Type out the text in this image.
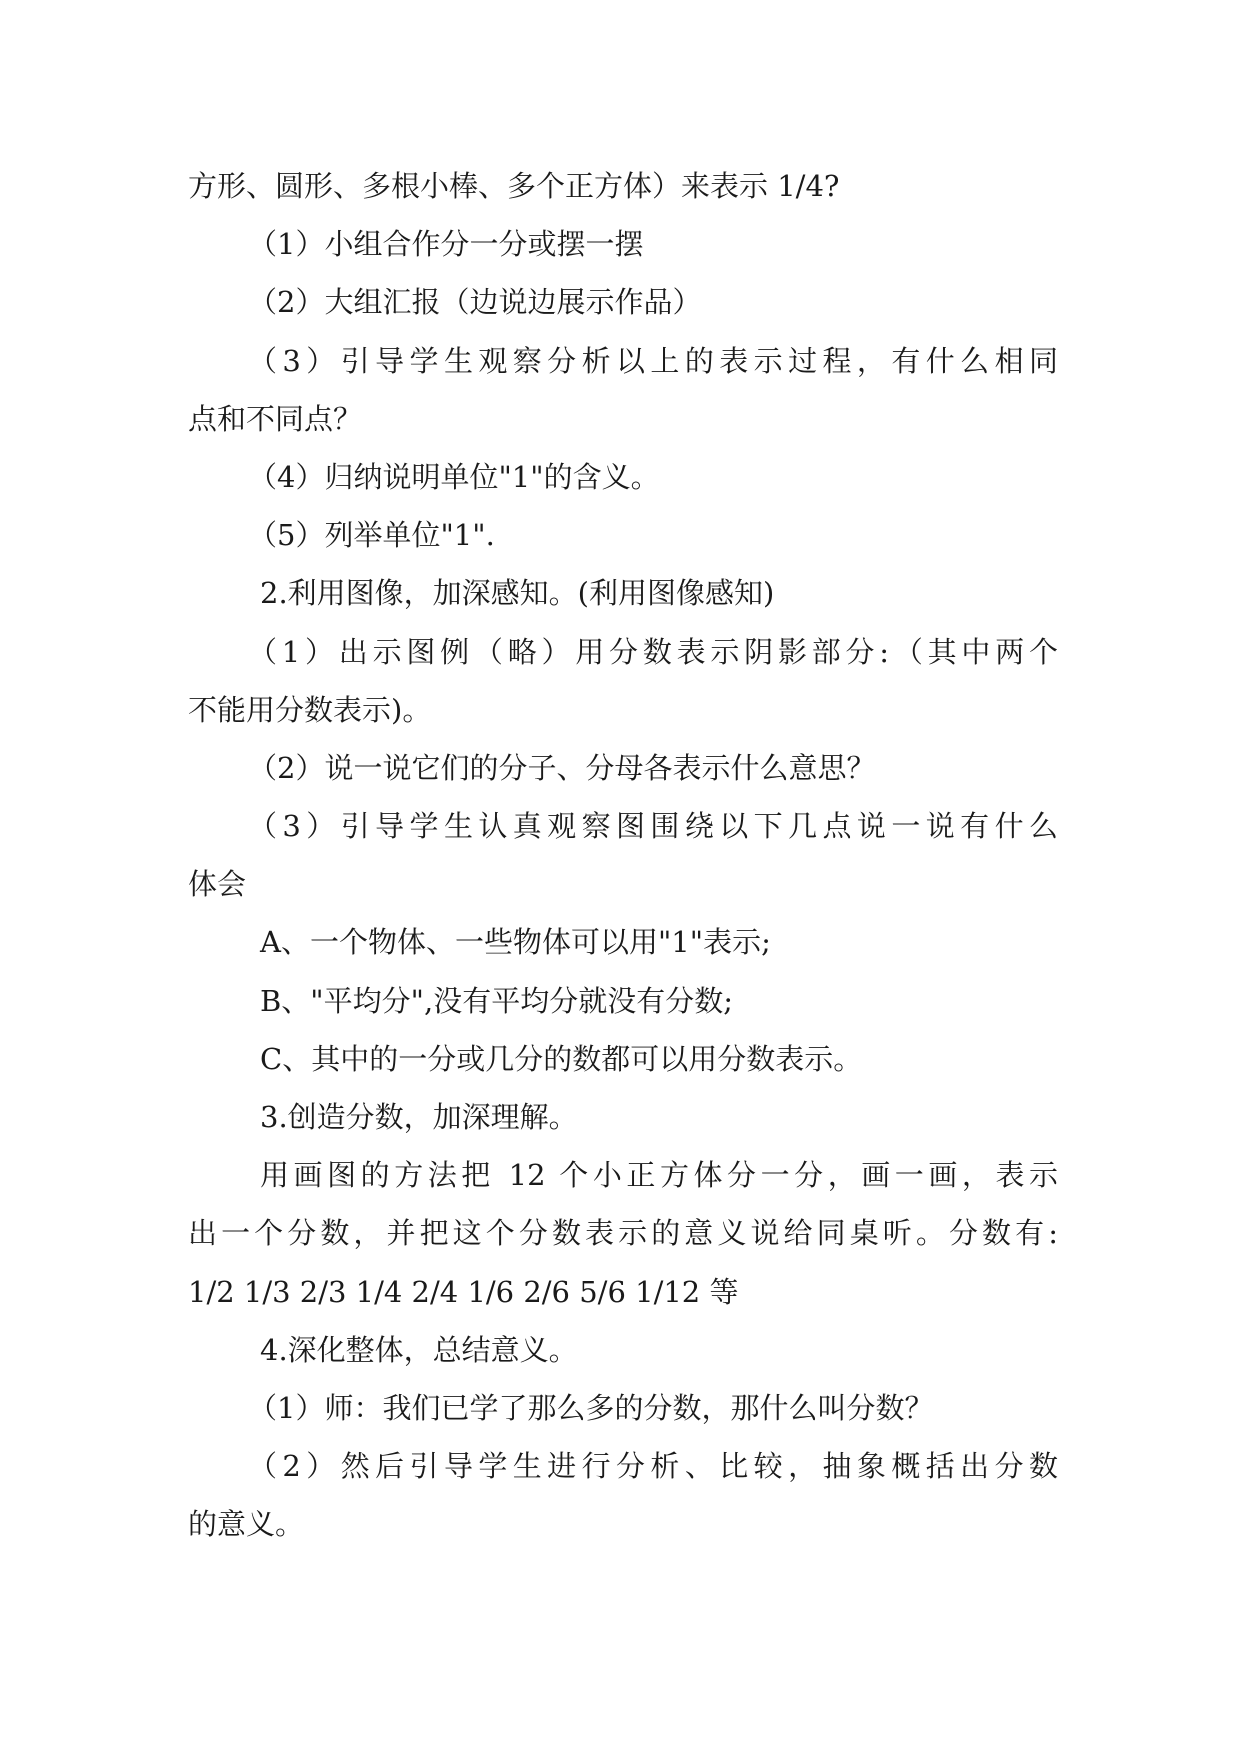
方形、圆形、多根小棒、多个正方体）来表示 1/4?
（1）小组合作分一分或摆一摆
（2）大组汇报（边说边展示作品）
（3）引导学生观察分析以上的表示过程，有什么相同
点和不同点？
（4）归纳说明单位"1"的含义。
（5）列举单位"1".
2.利用图像，加深感知。(利用图像感知)
（1）出示图例（略）用分数表示阴影部分:（其中两个
不能用分数表示)。
（2）说一说它们的分子、分母各表示什么意思？
（3）引导学生认真观察图围绕以下几点说一说有什么
体会
A、一个物体、一些物体可以用"1"表示;
B、"平均分",没有平均分就没有分数;
C、其中的一分或几分的数都可以用分数表示。
3.创造分数，加深理解。
用画图的方法把 12 个小正方体分一分，画一画，表示
出一个分数，并把这个分数表示的意义说给同桌听。分数有:
1/2 1/3 2/3 1/4 2/4 1/6 2/6 5/6 1/12 等
4.深化整体，总结意义。
（1）师：我们已学了那么多的分数，那什么叫分数？
（2）然后引导学生进行分析、比较，抽象概括出分数
的意义。
